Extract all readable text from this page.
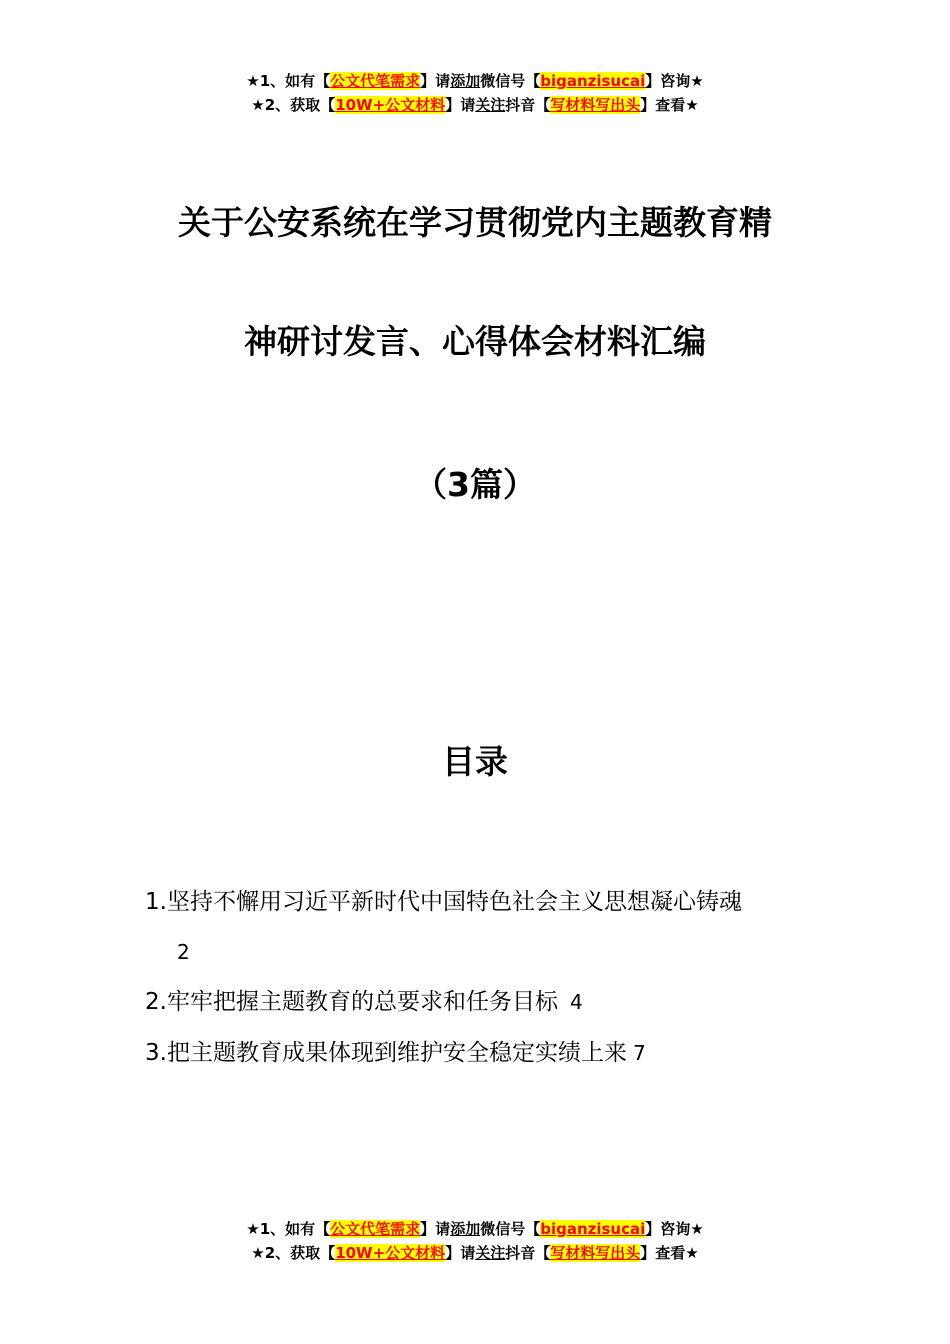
★1、如有【公文代笔需求】请添加微信号【biganzisucai】咨询★
★2、获取【10W+公文材料】请关注抖音【写材料写出头】查看★
关于公安系统在学习贯彻党内主题教育精
神研讨发言、心得体会材料汇编
（3篇）
目录
1.坚持不懈用习近平新时代中国特色社会主义思想凝心铸魂
2
2.牢牢把握主题教育的总要求和任务目标 4
3.把主题教育成果体现到维护安全稳定实绩上来 7
★1、如有【公文代笔需求】请添加微信号【biganzisucai】咨询★
★2、获取【10W+公文材料】请关注抖音【写材料写出头】查看★
